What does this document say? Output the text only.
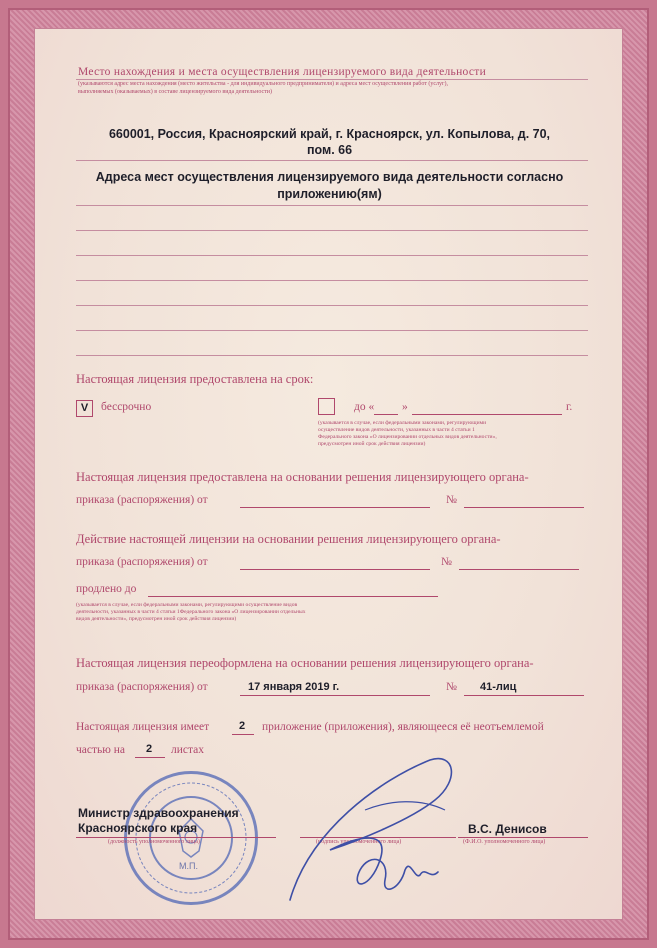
Место нахождения и места осуществления лицензируемого вида деятельности
(указываются адрес места нахождения (место жительства - для индивидуального предпринимателя) и адреса мест осуществления работ (услуг),
выполняемых (оказываемых) в составе лицензируемого вида деятельности)
660001, Россия, Красноярский край, г. Красноярск, ул. Копылова, д. 70,
пом. 66
Адреса мест осуществления лицензируемого вида деятельности согласно
приложению(ям)
Настоящая лицензия предоставлена на срок:
V	бессрочно	до « »	г.
(указывается в случае, если федеральными законами, регулирующими
осуществление видов деятельности, указанных в части 4 статьи 1
Федерального закона «О лицензировании отдельных видов деятельности»,
предусмотрен иной срок действия лицензии)
Настоящая лицензия предоставлена на основании решения лицензирующего органа-
приказа (распоряжения) от	№
Действие настоящей лицензии на основании решения лицензирующего органа-
приказа (распоряжения) от	№
продлено до
(указывается в случае, если федеральными законами, регулирующими осуществление видов
деятельности, указанных в части 4 статьи 1Федерального закона «О лицензировании отдельных
видов деятельности», предусмотрен иной срок действия лицензии)
Настоящая лицензия переоформлена на основании решения лицензирующего органа-
приказа (распоряжения) от	17 января 2019 г.	№ 41-лиц
Настоящая лицензия имеет	2 приложение (приложения), являющееся её неотъемлемой
частью на 2 листах
М.П.
Министр здравоохранения
Красноярского края
(должность уполномоченного лица)	(подпись уполномоченного лица)
В.С. Денисов
(Ф.И.О. уполномоченного лица)
